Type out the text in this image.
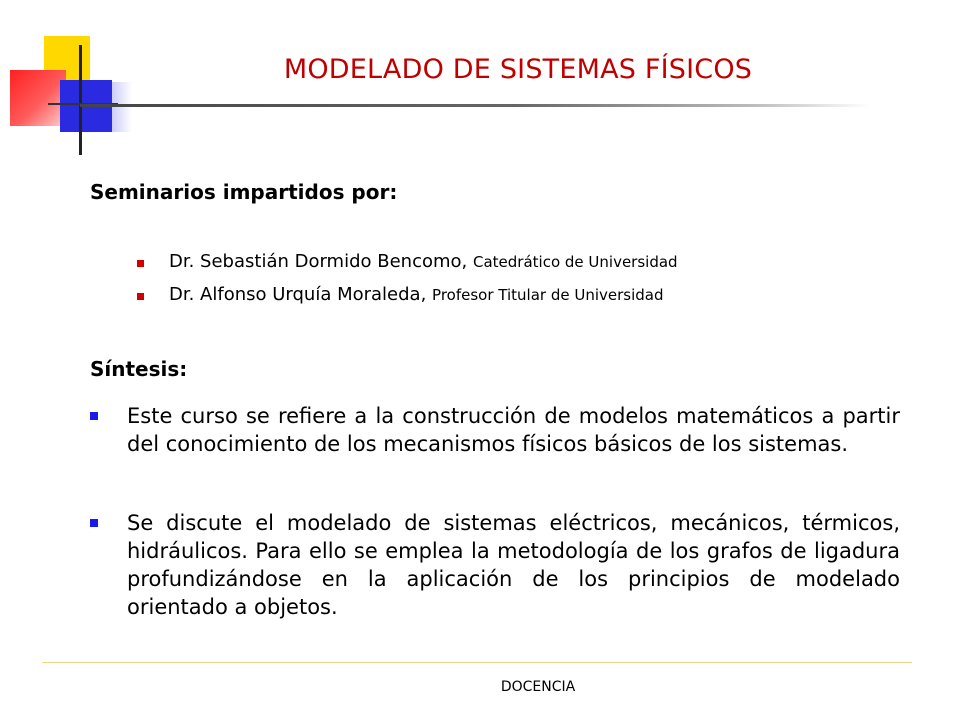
MODELADO DE SISTEMAS FÍSICOS
Seminarios impartidos por:
Dr. Sebastián Dormido Bencomo, Catedrático de Universidad
Dr. Alfonso Urquía Moraleda, Profesor Titular de Universidad
Síntesis:
Este curso se refiere a la construcción de modelos matemáticos a partir del conocimiento de los mecanismos físicos básicos de los sistemas.
Se discute el modelado de sistemas eléctricos, mecánicos, térmicos, hidráulicos. Para ello se emplea la metodología de los grafos de ligadura profundizándose en la aplicación de los principios de modelado orientado a objetos.
DOCENCIA
